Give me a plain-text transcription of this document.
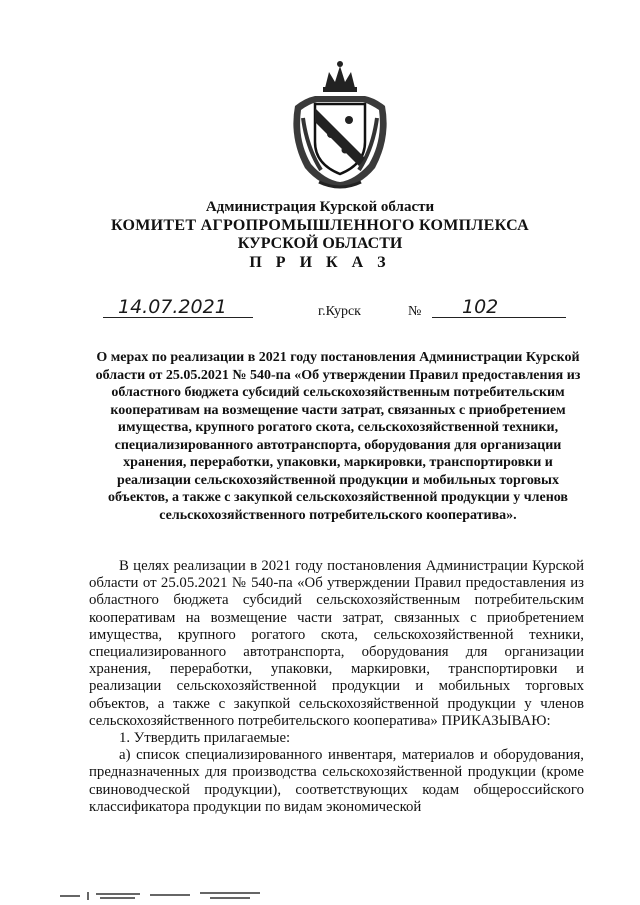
Администрация Курской области
КОМИТЕТ АГРОПРОМЫШЛЕННОГО КОМПЛЕКСА
КУРСКОЙ ОБЛАСТИ
П Р И К А З
14.07.2021	г.Курск	№ 102
О мерах по реализации в 2021 году постановления Администрации Курской области от 25.05.2021 № 540-па «Об утверждении Правил предоставления из областного бюджета субсидий сельскохозяйственным потребительским кооперативам на возмещение части затрат, связанных с приобретением имущества, крупного рогатого скота, сельскохозяйственной техники, специализированного автотранспорта, оборудования для организации хранения, переработки, упаковки, маркировки, транспортировки и реализации сельскохозяйственной продукции и мобильных торговых объектов, а также с закупкой сельскохозяйственной продукции у членов сельскохозяйственного потребительского кооператива».

В целях реализации в 2021 году постановления Администрации Курской области от 25.05.2021 № 540-па «Об утверждении Правил предоставления из областного бюджета субсидий сельскохозяйственным потребительским кооперативам на возмещение части затрат, связанных с приобретением имущества, крупного рогатого скота, сельскохозяйственной техники, специализированного автотранспорта, оборудования для организации хранения, переработки, упаковки, маркировки, транспортировки и реализации сельскохозяйственной продукции и мобильных торговых объектов, а также с закупкой сельскохозяйственной продукции у членов сельскохозяйственного потребительского кооператива» ПРИКАЗЫВАЮ:

1. Утвердить прилагаемые:

а) список специализированного инвентаря, материалов и оборудования, предназначенных для производства сельскохозяйственной продукции (кроме свиноводческой продукции), соответствующих кодам общероссийского классификатора продукции по видам экономической
